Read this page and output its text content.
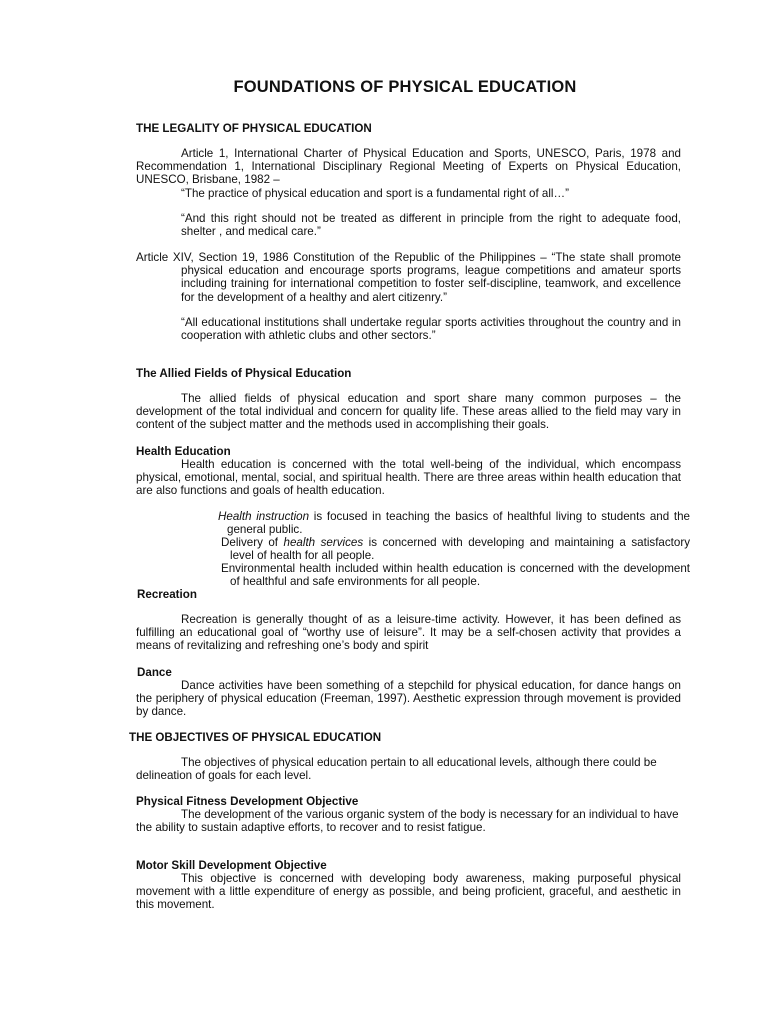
FOUNDATIONS OF PHYSICAL EDUCATION
THE LEGALITY OF PHYSICAL EDUCATION
Article 1, International Charter of Physical Education and Sports, UNESCO, Paris, 1978 and Recommendation 1, International Disciplinary Regional Meeting of Experts on Physical Education, UNESCO, Brisbane, 1982 –
“The practice of physical education and sport is a fundamental right of all…”
“And this right should not be treated as different in principle from the right to adequate food, shelter , and medical care.”
Article XIV, Section 19, 1986 Constitution of the Republic of the Philippines – “The state shall promote physical education and encourage sports programs, league competitions and amateur sports including training for international competition to foster self-discipline, teamwork, and excellence for the development of a healthy and alert citizenry.”
“All educational institutions shall undertake regular sports activities throughout the country and in cooperation with athletic clubs and other sectors.”
The Allied Fields of Physical Education
The allied fields of physical education and sport share many common purposes – the development of the total individual and concern for quality life. These areas allied to the field may vary in content of the subject matter and the methods used in accomplishing their goals.
Health Education
Health education is concerned with the total well-being of the individual, which encompass physical, emotional, mental, social, and spiritual health. There are three areas within health education that are also functions and goals of health education.
Health instruction is focused in teaching the basics of healthful living to students and the general public.
Delivery of health services is concerned with developing and maintaining a satisfactory level of health for all people.
Environmental health included within health education is concerned with the development of healthful and safe environments for all people.
Recreation
Recreation is generally thought of as a leisure-time activity. However, it has been defined as fulfilling an educational goal of “worthy use of leisure”. It may be a self-chosen activity that provides a means of revitalizing and refreshing one’s body and spirit
Dance
Dance activities have been something of a stepchild for physical education, for dance hangs on the periphery of physical education (Freeman, 1997). Aesthetic expression through movement is provided by dance.
THE OBJECTIVES OF PHYSICAL EDUCATION
The objectives of physical education pertain to all educational levels, although there could be delineation of goals for each level.
Physical Fitness Development Objective
The development of the various organic system of the body is necessary for an individual to have the ability to sustain adaptive efforts, to recover and to resist fatigue.
Motor Skill Development Objective
This objective is concerned with developing body awareness, making purposeful physical movement with a little expenditure of energy as possible, and being proficient, graceful, and aesthetic in this movement.
